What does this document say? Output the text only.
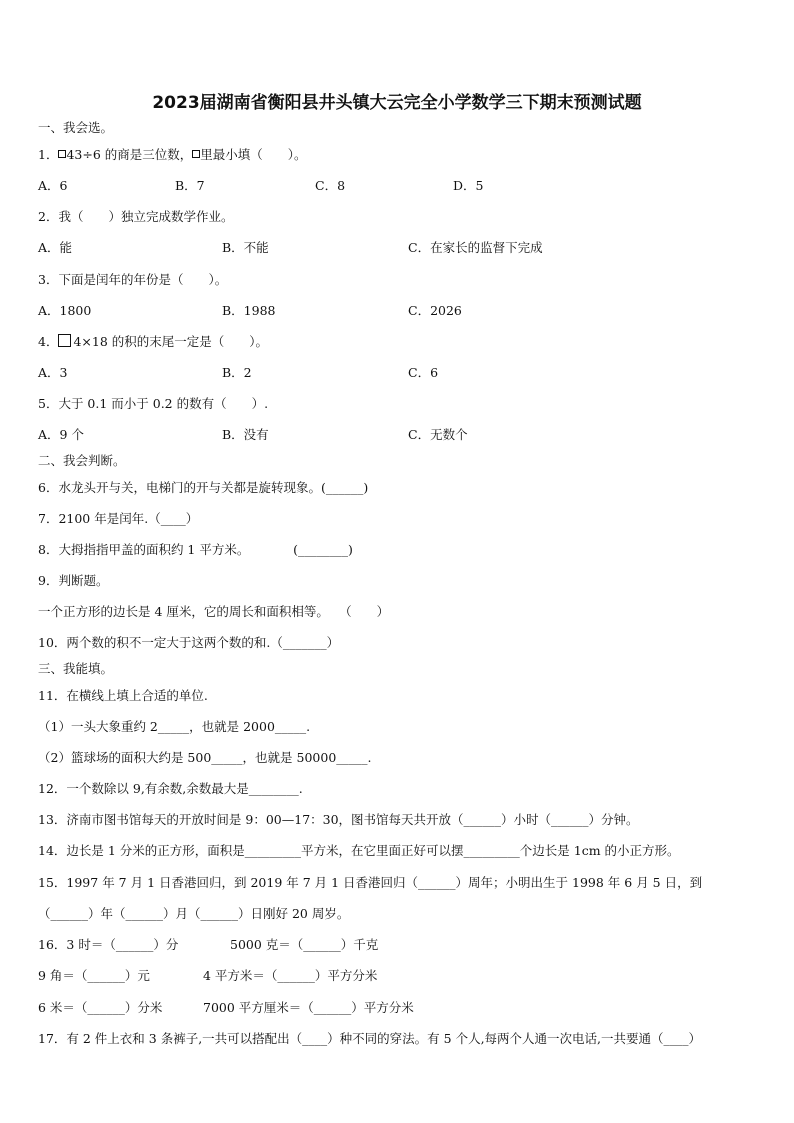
2023届湖南省衡阳县井头镇大云完全小学数学三下期末预测试题
一、我会选。
1． 43÷6 的商是三位数， 里最小填（　　）。
A．6	B．7	C．8	D．5
2．我（　　）独立完成数学作业。
A．能	B．不能	C．在家长的监督下完成
3．下面是闰年的年份是（　　）。
A．1800	B．1988	C．2026
4． 4×18 的积的末尾一定是（　　）。
A．3	B．2	C．6
5．大于 0.1 而小于 0.2 的数有（　　）.
A．9 个	B．没有	C．无数个
二、我会判断。
6．水龙头开与关，电梯门的开与关都是旋转现象。(______)
7．2100 年是闰年.（____）
8．大拇指指甲盖的面积约 1 平方米。　　　　(________)
9．判断题。
一个正方形的边长是 4 厘米，它的周长和面积相等。　 （　　）
10．两个数的积不一定大于这两个数的和.（_______）
三、我能填。
11．在横线上填上合适的单位.
（1）一头大象重约 2_____，也就是 2000_____.
（2）篮球场的面积大约是 500_____，也就是 50000_____.
12．一个数除以 9,有余数,余数最大是________.
13．济南市图书馆每天的开放时间是 9：00—17：30，图书馆每天共开放（______）小时（______）分钟。
14．边长是 1 分米的正方形，面积是_________平方米，在它里面正好可以摆_________个边长是 1cm 的小正方形。
15．1997 年 7 月 1 日香港回归，到 2019 年 7 月 1 日香港回归（______）周年；小明出生于 1998 年 6 月 5 日，到
（______）年（______）月（______）日刚好 20 周岁。
16．3 时＝（______）分	5000 克＝（______）千克
9 角＝（______）元	4 平方米＝（______）平方分米
6 米＝（______）分米	7000 平方厘米＝（______）平方分米
17．有 2 件上衣和 3 条裤子,一共可以搭配出（____）种不同的穿法。有 5 个人,每两个人通一次电话,一共要通（____）
